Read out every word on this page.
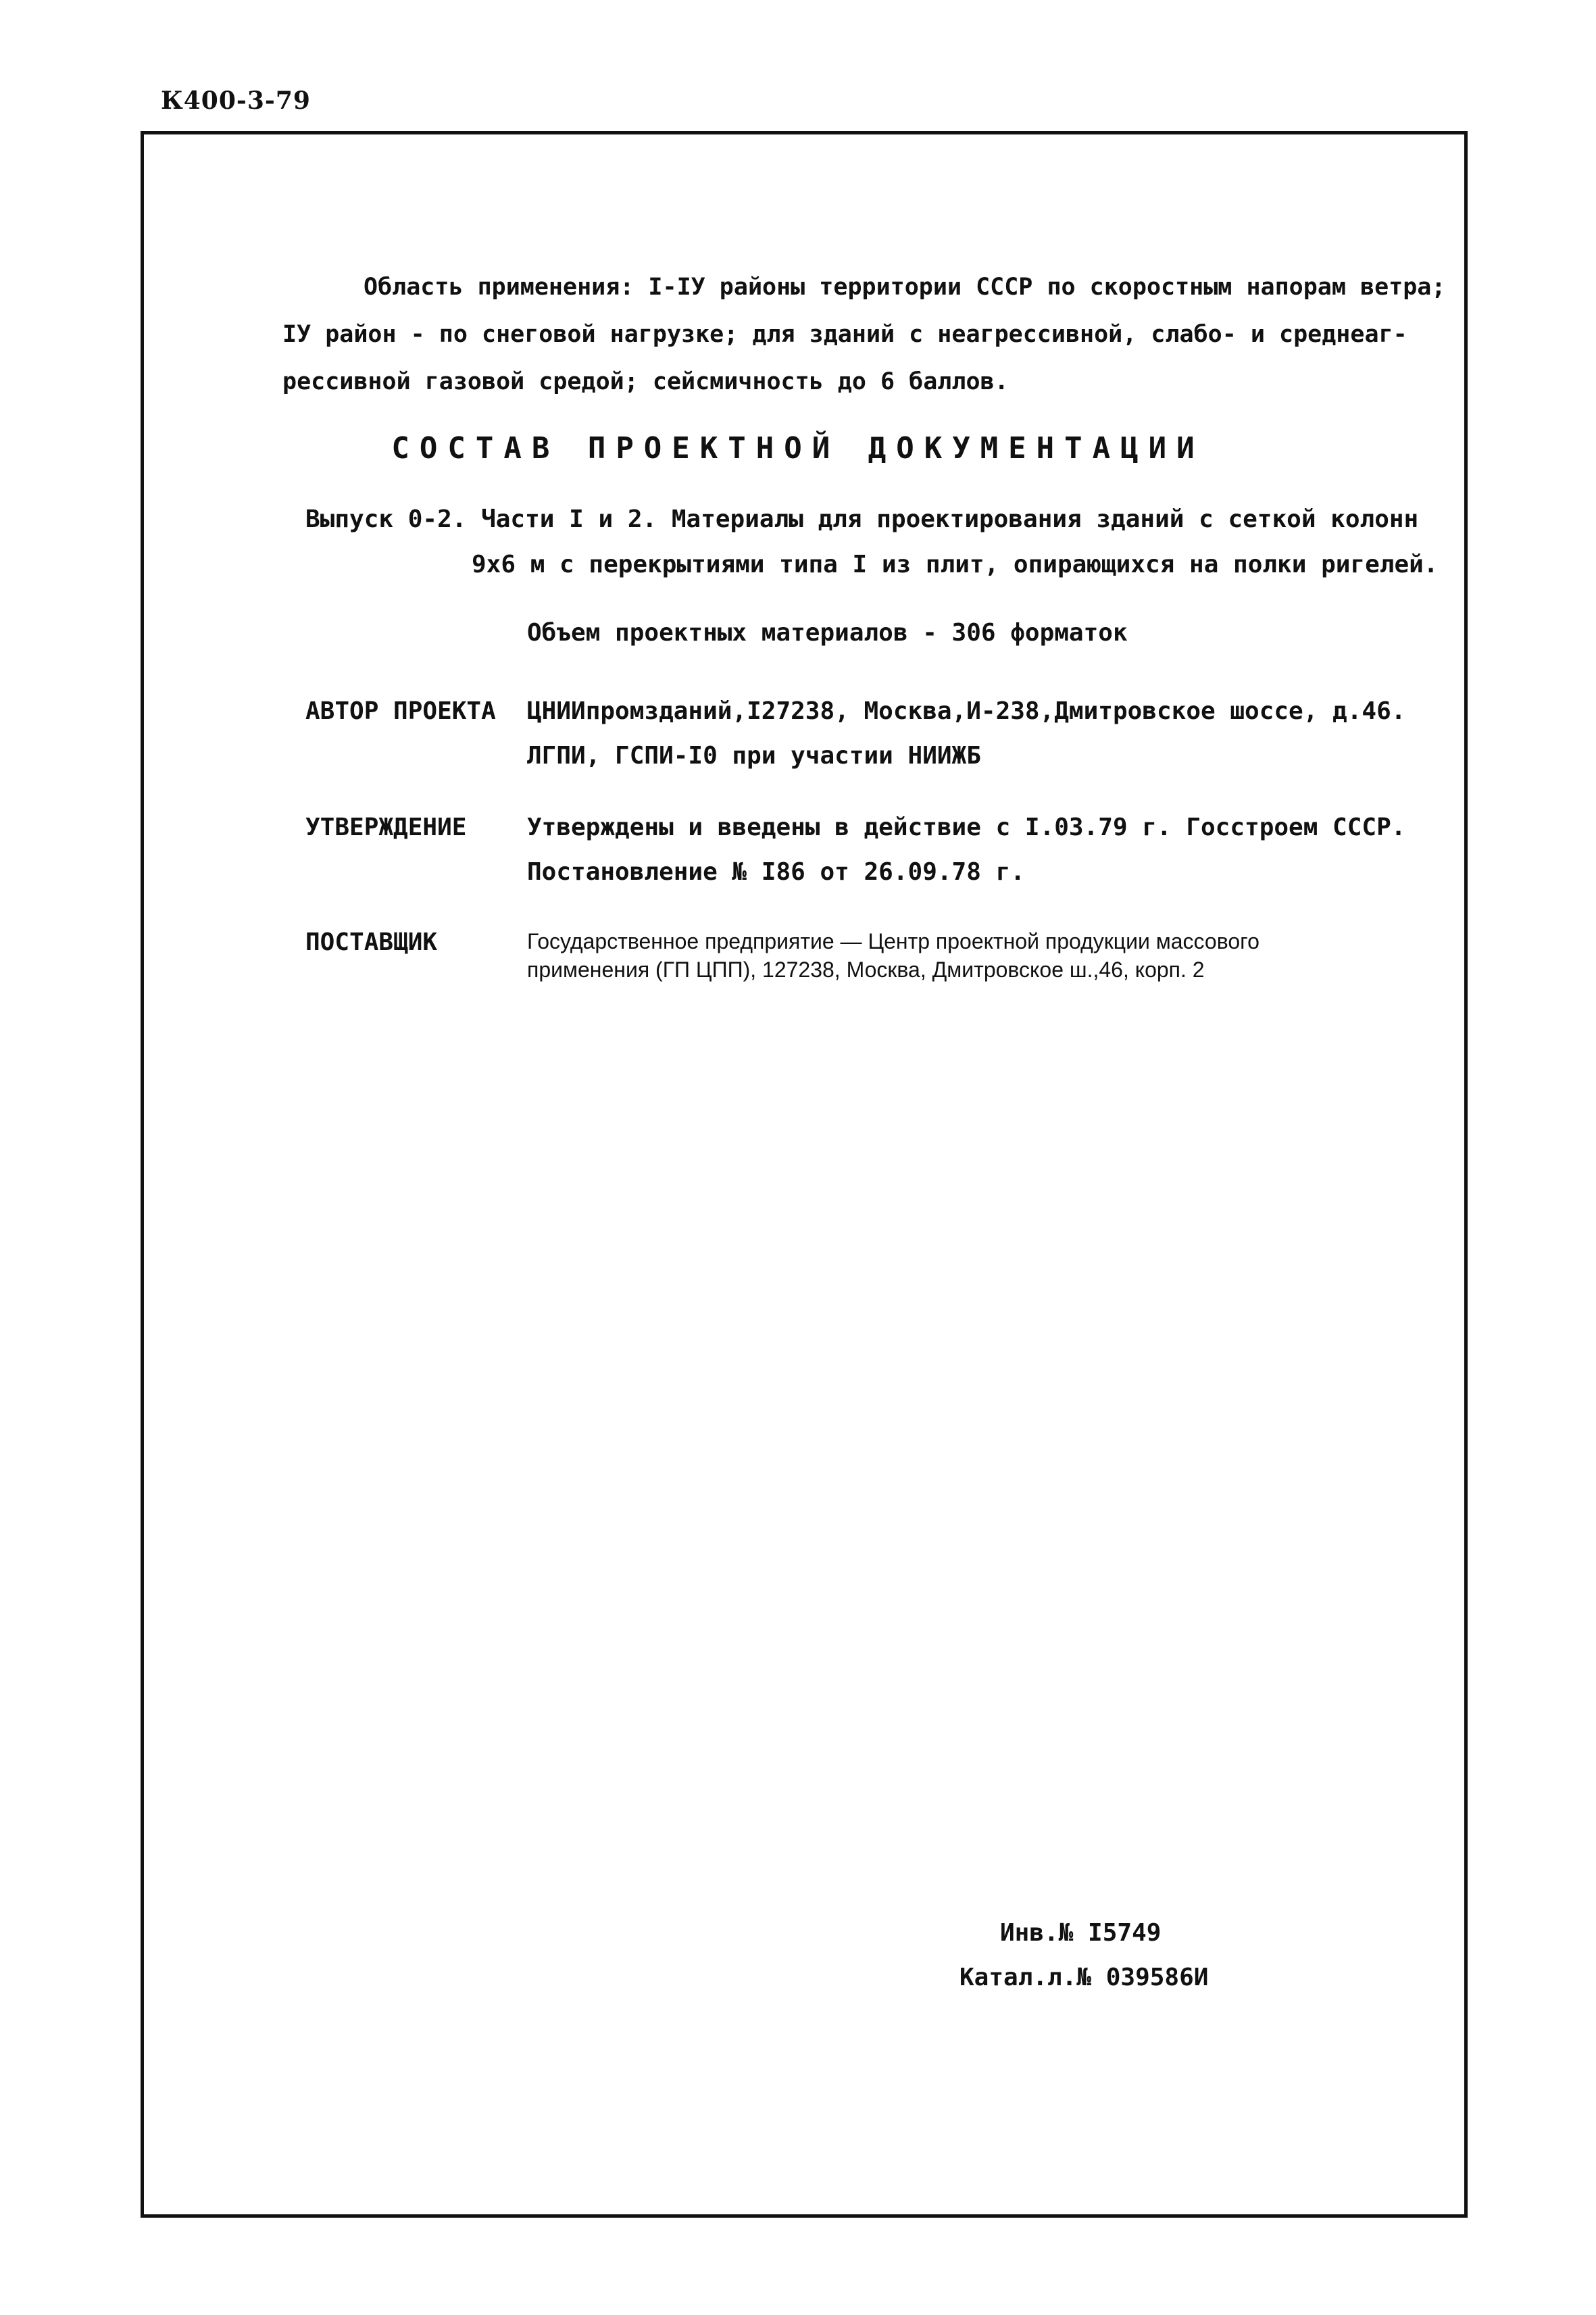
К400-3-79
Область применения: I-IУ районы территории СССР по скоростным напорам ветра;
IУ район - по снеговой нагрузке; для зданий с неагрессивной, слабо- и среднеаг-
рессивной газовой средой; сейсмичность до 6 баллов.
СОСТАВ ПРОЕКТНОЙ ДОКУМЕНТАЦИИ
Выпуск 0-2. Части I и 2. Материалы для проектирования зданий с сеткой колонн
9х6 м с перекрытиями типа I из плит, опирающихся на полки ригелей.
Объем проектных материалов - 306 форматок
АВТОР ПРОЕКТА ЦНИИпромзданий,I27238, Москва,И-238,Дмитровское шоссе, д.46.
ЛГПИ, ГСПИ-I0 при участии НИИЖБ
УТВЕРЖДЕНИЕ Утверждены и введены в действие с I.03.79 г. Госстроем СССР.
Постановление № I86 от 26.09.78 г.
ПОСТАВЩИК	Государственное предприятие — Центр проектной продукции массового
применения (ГП ЦПП), 127238, Москва, Дмитровское ш.,46, корп. 2
Инв.№ I5749
Катал.л.№ 039586И
